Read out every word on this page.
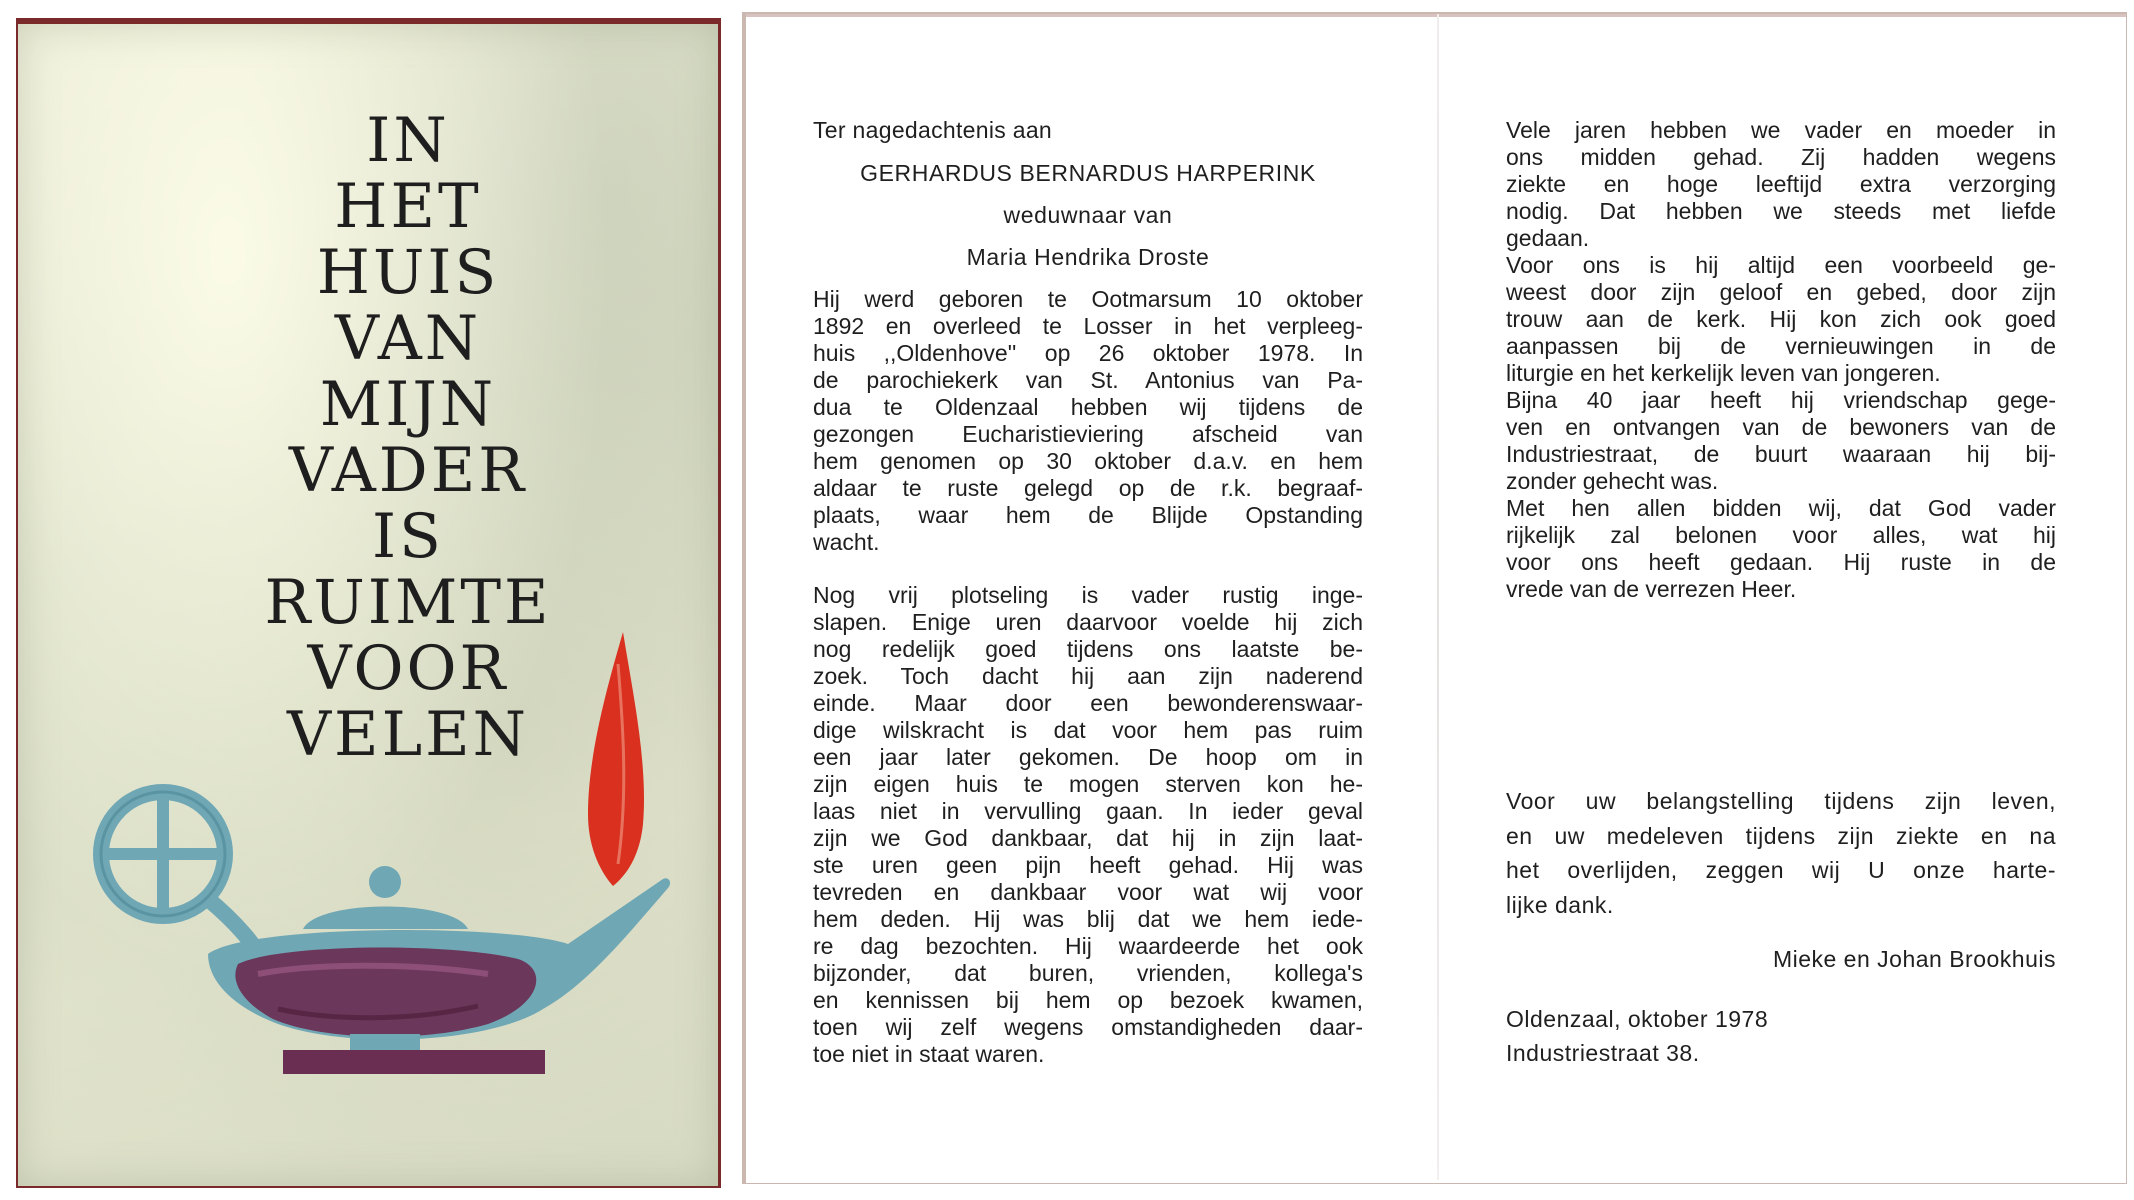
IN
HET
HUIS
VAN
MIJN
VADER
IS
RUIMTE
VOOR
VELEN
Ter nagedachtenis aan
GERHARDUS BERNARDUS HARPERINK
weduwnaar van
Maria Hendrika Droste
Hij werd geboren te Ootmarsum 10 oktober
1892 en overleed te Losser in het verpleeg-
huis ,,Oldenhove'' op 26 oktober 1978. In
de parochiekerk van St. Antonius van Pa-
dua te Oldenzaal hebben wij tijdens de
gezongen Eucharistieviering afscheid van
hem genomen op 30 oktober d.a.v. en hem
aldaar te ruste gelegd op de r.k. begraaf-
plaats, waar hem de Blijde Opstanding
wacht.
Nog vrij plotseling is vader rustig inge-
slapen. Enige uren daarvoor voelde hij zich
nog redelijk goed tijdens ons laatste be-
zoek. Toch dacht hij aan zijn naderend
einde. Maar door een bewonderenswaar-
dige wilskracht is dat voor hem pas ruim
een jaar later gekomen. De hoop om in
zijn eigen huis te mogen sterven kon he-
laas niet in vervulling gaan. In ieder geval
zijn we God dankbaar, dat hij in zijn laat-
ste uren geen pijn heeft gehad. Hij was
tevreden en dankbaar voor wat wij voor
hem deden. Hij was blij dat we hem iede-
re dag bezochten. Hij waardeerde het ook
bijzonder, dat buren, vrienden, kollega's
en kennissen bij hem op bezoek kwamen,
toen wij zelf wegens omstandigheden daar-
toe niet in staat waren.
Vele jaren hebben we vader en moeder in
ons midden gehad. Zij hadden wegens
ziekte en hoge leeftijd extra verzorging
nodig. Dat hebben we steeds met liefde
gedaan.
Voor ons is hij altijd een voorbeeld ge-
weest door zijn geloof en gebed, door zijn
trouw aan de kerk. Hij kon zich ook goed
aanpassen bij de vernieuwingen in de
liturgie en het kerkelijk leven van jongeren.
Bijna 40 jaar heeft hij vriendschap gege-
ven en ontvangen van de bewoners van de
Industriestraat, de buurt waaraan hij bij-
zonder gehecht was.
Met hen allen bidden wij, dat God vader
rijkelijk zal belonen voor alles, wat hij
voor ons heeft gedaan. Hij ruste in de
vrede van de verrezen Heer.
Voor uw belangstelling tijdens zijn leven,
en uw medeleven tijdens zijn ziekte en na
het overlijden, zeggen wij U onze harte-
lijke dank.
Mieke en Johan Brookhuis
Oldenzaal, oktober 1978
Industriestraat 38.
